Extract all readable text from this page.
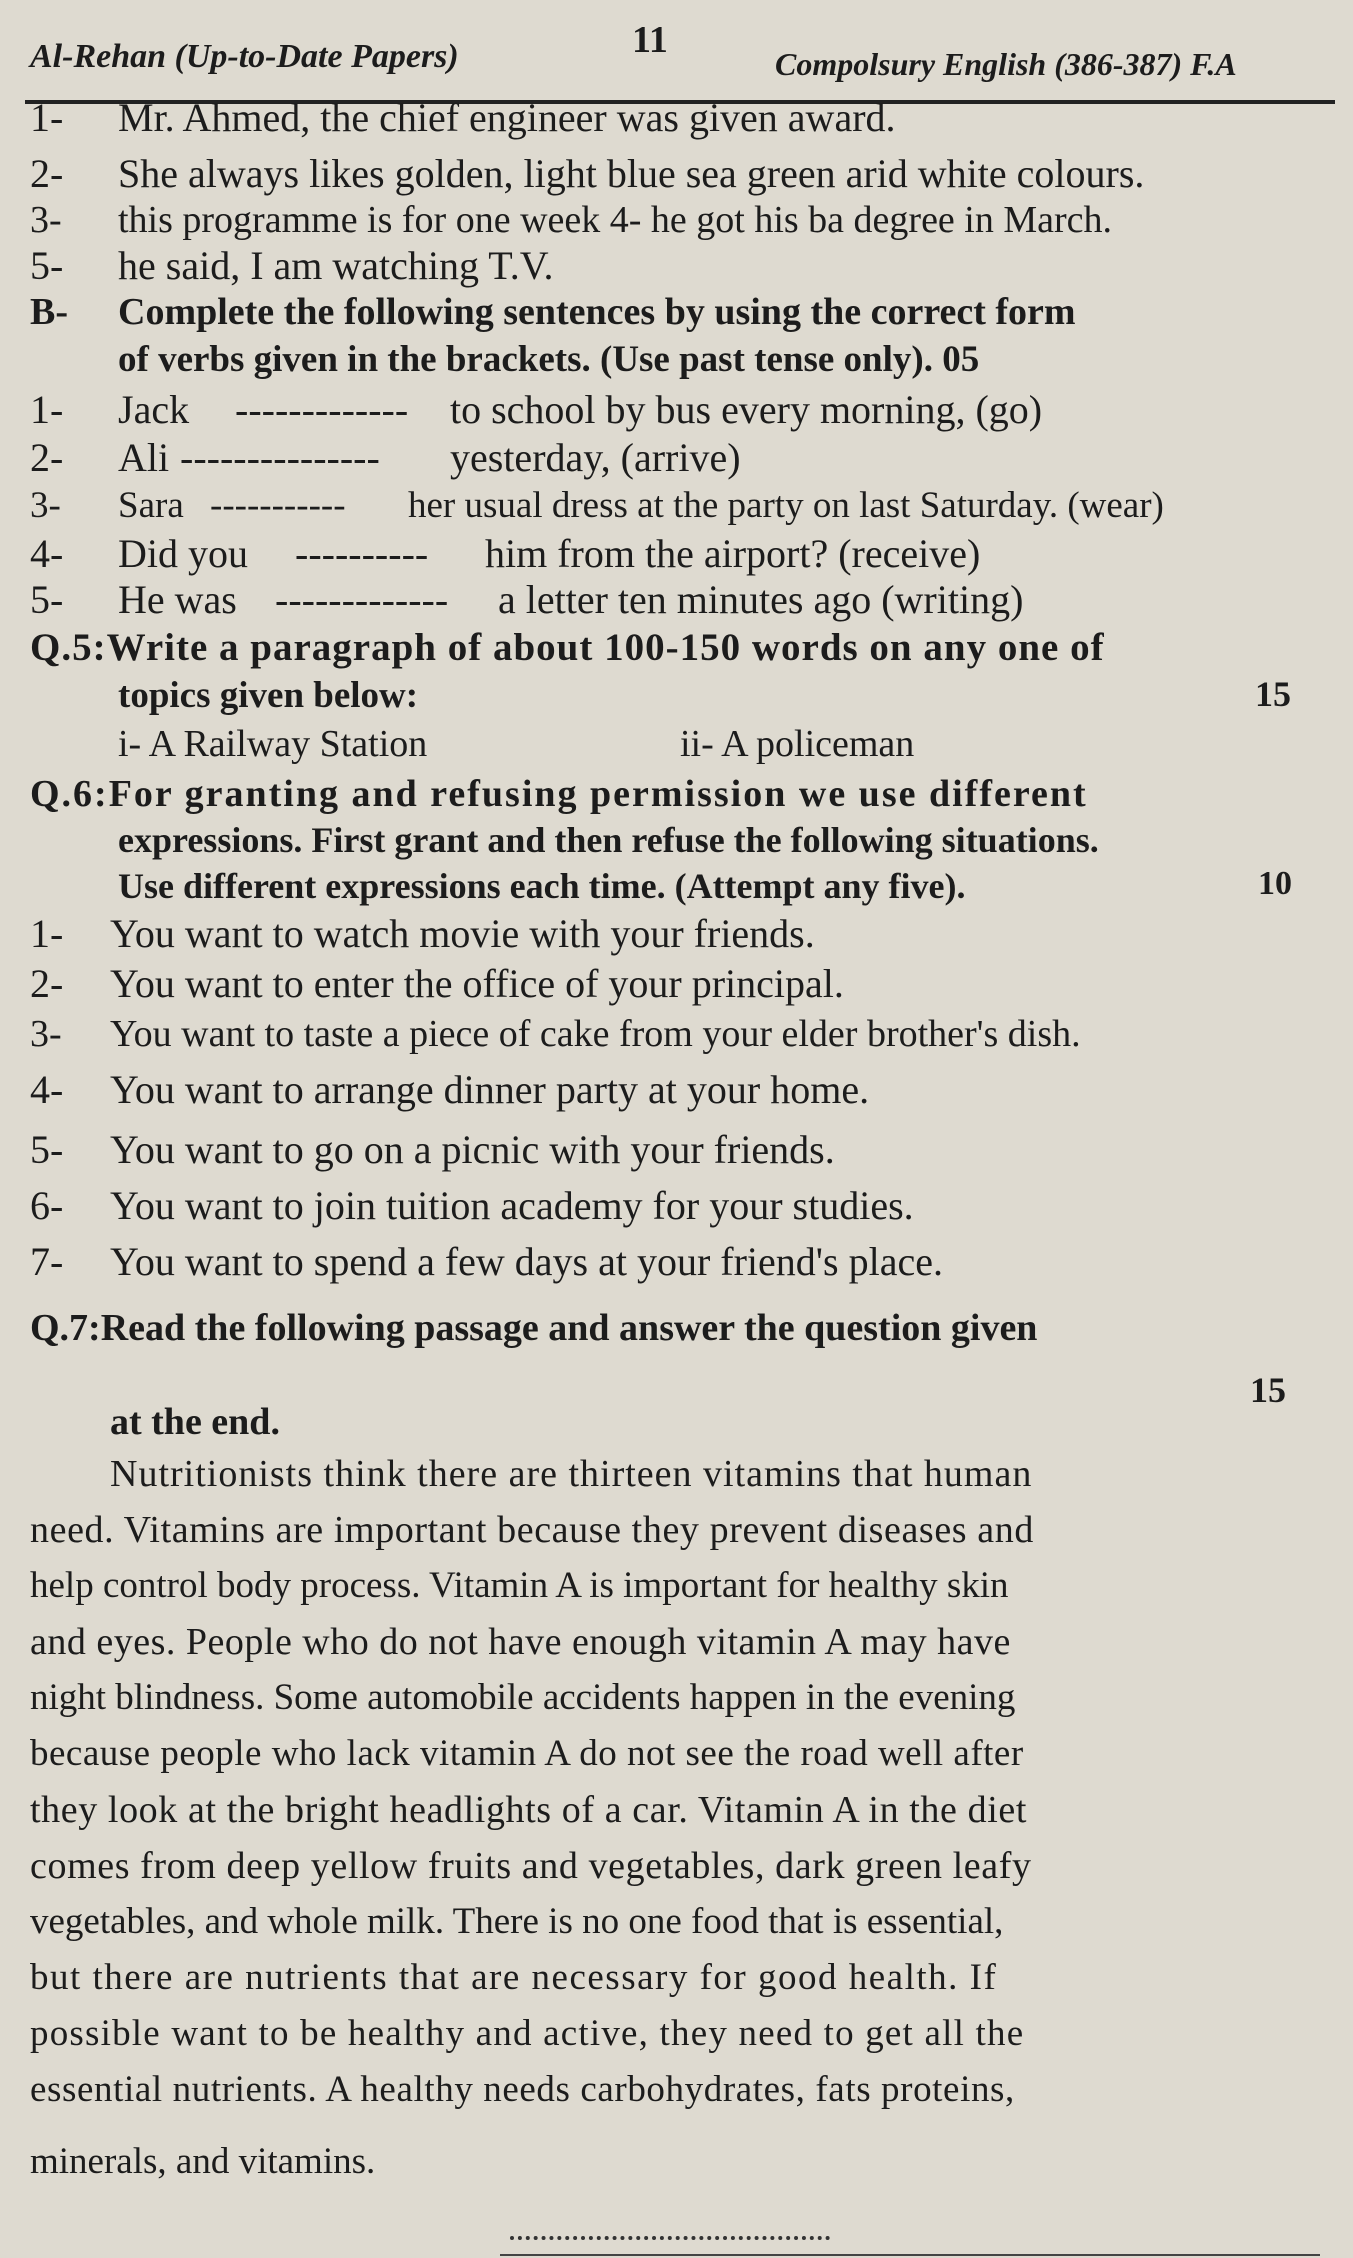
Al-Rehan (Up-to-Date Papers)	11
Compolsury English (386-387) F.A
1- Mr. Ahmed, the chief engineer was given award.
2- She always likes golden, light blue sea green arid white colours.
3- this programme is for one week 4- he got his ba degree in March.
5- he said, I am watching T.V.
B- Complete the following sentences by using the correct form
of verbs given in the brackets. (Use past tense only). 05
1- Jack ------------- to school by bus every morning, (go)
2- Ali --------------- yesterday, (arrive)
3- Sara ----------- her usual dress at the party on last Saturday. (wear)
4- Did you ---------- him from the airport? (receive)
5- He was ------------- a letter ten minutes ago (writing)
Q.5:Write a paragraph of about 100-150 words on any one of
topics given below:	15
i- A Railway Station	ii- A policeman
Q.6:For granting and refusing permission we use different
expressions. First grant and then refuse the following situations.
Use different expressions each time. (Attempt any five).	10
1- You want to watch movie with your friends.
2- You want to enter the office of your principal.
3- You want to taste a piece of cake from your elder brother's dish.
4- You want to arrange dinner party at your home.
5- You want to go on a picnic with your friends.
6- You want to join tuition academy for your studies.
7- You want to spend a few days at your friend's place.
Q.7:Read the following passage and answer the question given
15
at the end.
Nutritionists think there are thirteen vitamins that human
need. Vitamins are important because they prevent diseases and
help control body process. Vitamin A is important for healthy skin
and eyes. People who do not have enough vitamin A may have
night blindness. Some automobile accidents happen in the evening
because people who lack vitamin A do not see the road well after
they look at the bright headlights of a car. Vitamin A in the diet
comes from deep yellow fruits and vegetables, dark green leafy
vegetables, and whole milk. There is no one food that is essential,
but there are nutrients that are necessary for good health. If
possible want to be healthy and active, they need to get all the
essential nutrients. A healthy needs carbohydrates, fats proteins,
minerals, and vitamins.
